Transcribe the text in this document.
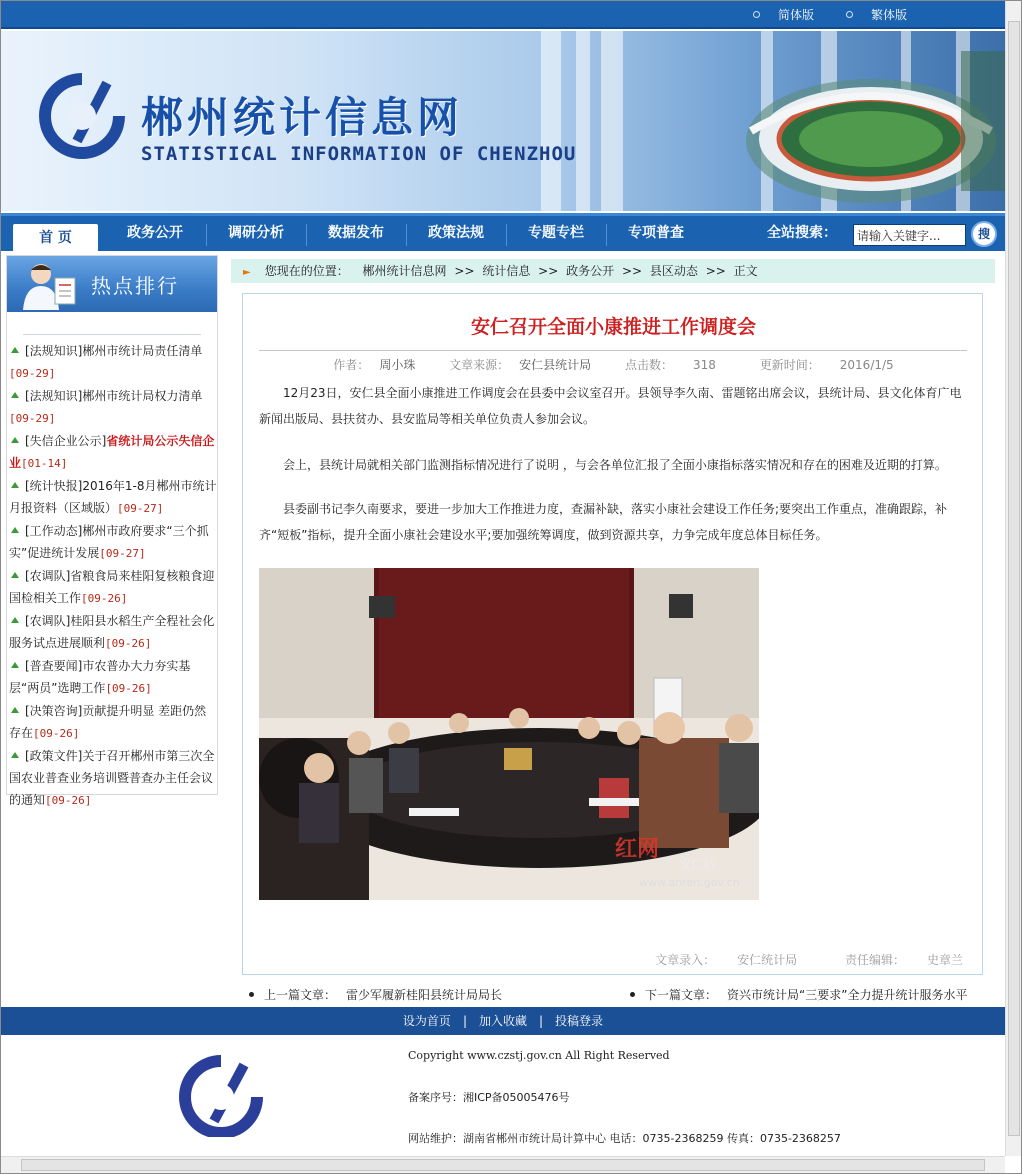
简体版	繁体版
郴州统计信息网
STATISTICAL INFORMATION OF CHENZHOU
首 页	政务公开	调研分析	数据发布	政策法规	专题专栏	专项普查	全站搜索：
请输入关键字...	搜
热点排行
[法规知识]郴州市统计局责任清单
[09-29]
[法规知识]郴州市统计局权力清单
[09-29]
[失信企业公示]省统计局公示失信企业[01-14]
[统计快报]2016年1-8月郴州市统计月报资料（区域版）[09-27]
[工作动态]郴州市政府要求“三个抓实”促进统计发展[09-27]
[农调队]省粮食局来桂阳复核粮食迎国检相关工作[09-26]
[农调队]桂阳县水稻生产全程社会化服务试点进展顺利[09-26]
[普查要闻]市农普办大力夯实基层“两员”选聘工作[09-26]
[决策咨询]贡献提升明显 差距仍然存在[09-26]
[政策文件]关于召开郴州市第三次全国农业普查业务培训暨普查办主任会议的通知[09-26]
► 您现在的位置： 郴州统计信息网 >> 统计信息 >> 政务公开 >> 县区动态 >> 正文
安仁召开全面小康推进工作调度会
作者： 周小珠	文章来源： 安仁县统计局	点击数： 318	更新时间： 2016/1/5
12月23日，安仁县全面小康推进工作调度会在县委中会议室召开。县领导李久南、雷题铭出席会议，县统计局、县文化体育广电新闻出版局、县扶贫办、县安监局等相关单位负责人参加会议。
会上，县统计局就相关部门监测指标情况进行了说明 ，与会各单位汇报了全面小康指标落实情况和存在的困难及近期的打算。
县委副书记李久南要求，要进一步加大工作推进力度，查漏补缺，落实小康社会建设工作任务;要突出工作重点，准确跟踪，补齐“短板”指标，提升全面小康社会建设水平;要加强统筹调度，做到资源共享，力争完成年度总体目标任务。
红网
安仁站
www.anren.gov.cn
文章录入： 安仁统计局	责任编辑： 史章兰
上一篇文章： 雷少军履新桂阳县统计局局长	下一篇文章： 资兴市统计局“三要求”全力提升统计服务水平
设为首页 | 加入收藏 | 投稿登录
Copyright www.czstj.gov.cn All Right Reserved
备案序号：湘ICP备05005476号
网站维护：湖南省郴州市统计局计算中心 电话：0735-2368259 传真：0735-2368257
